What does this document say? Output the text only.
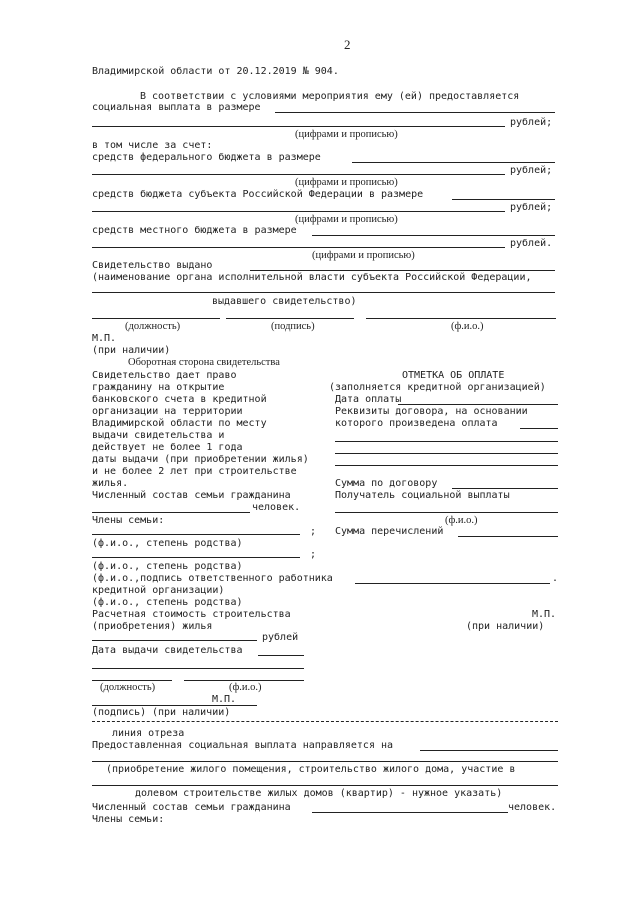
2
Владимирской области от 20.12.2019 № 904.
В соответствии с условиями мероприятия ему (ей) предоставляется
социальная выплата в размере
рублей;
(цифрами и прописью)
в том числе за счет:
средств федерального бюджета в размере
рублей;
(цифрами и прописью)
средств бюджета субъекта Российской Федерации в размере
рублей;
(цифрами и прописью)
средств местного бюджета в размере
рублей.
(цифрами и прописью)
Свидетельство выдано
(наименование органа исполнительной власти субъекта Российской Федерации,
выдавшего свидетельство)
(должность)	(подпись)	(ф.и.о.)
М.П.
(при наличии)
Оборотная сторона свидетельства
Свидетельство дает право
гражданину на открытие
банковского счета в кредитной
организации на территории
Владимирской области по месту
выдачи свидетельства и
действует не более 1 года
даты выдачи (при приобретении жилья)
и не более 2 лет при строительстве
жилья.
Численный состав семьи гражданина
человек.
Члены семьи:
;
(ф.и.о., степень родства)
;
(ф.и.о., степень родства)
(ф.и.о.,подпись ответственного работника	.
кредитной организации)
(ф.и.о., степень родства)
Расчетная стоимость строительства
(приобретения) жилья
рублей
Дата выдачи свидетельства
(должность)	(ф.и.о.)
М.П.
(подпись) (при наличии)
ОТМЕТКА ОБ ОПЛАТЕ
(заполняется кредитной организацией)
Дата оплаты
Реквизиты договора, на основании
которого произведена оплата
Сумма по договору
Получатель социальной выплаты
(ф.и.о.)
Сумма перечислений
М.П.
(при наличии)
линия отреза
Предоставленная социальная выплата направляется на
(приобретение жилого помещения, строительство жилого дома, участие в
долевом строительстве жилых домов (квартир) - нужное указать)
Численный состав семьи гражданина	человек.
Члены семьи:
